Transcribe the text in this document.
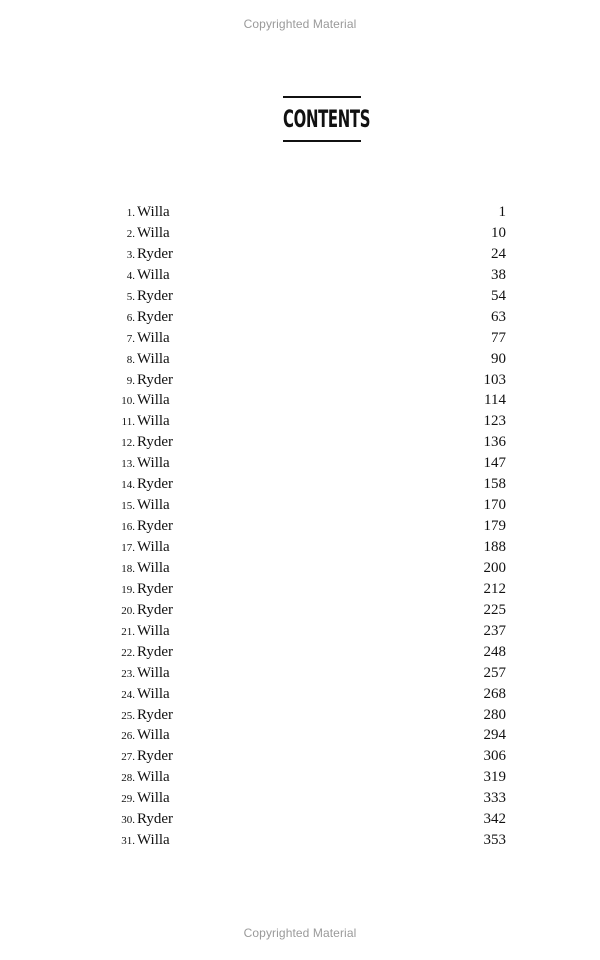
Copyrighted Material
CONTENTS
1. Willa	1
2. Willa	10
3. Ryder	24
4. Willa	38
5. Ryder	54
6. Ryder	63
7. Willa	77
8. Willa	90
9. Ryder	103
10. Willa	114
11. Willa	123
12. Ryder	136
13. Willa	147
14. Ryder	158
15. Willa	170
16. Ryder	179
17. Willa	188
18. Willa	200
19. Ryder	212
20. Ryder	225
21. Willa	237
22. Ryder	248
23. Willa	257
24. Willa	268
25. Ryder	280
26. Willa	294
27. Ryder	306
28. Willa	319
29. Willa	333
30. Ryder	342
31. Willa	353
Copyrighted Material
